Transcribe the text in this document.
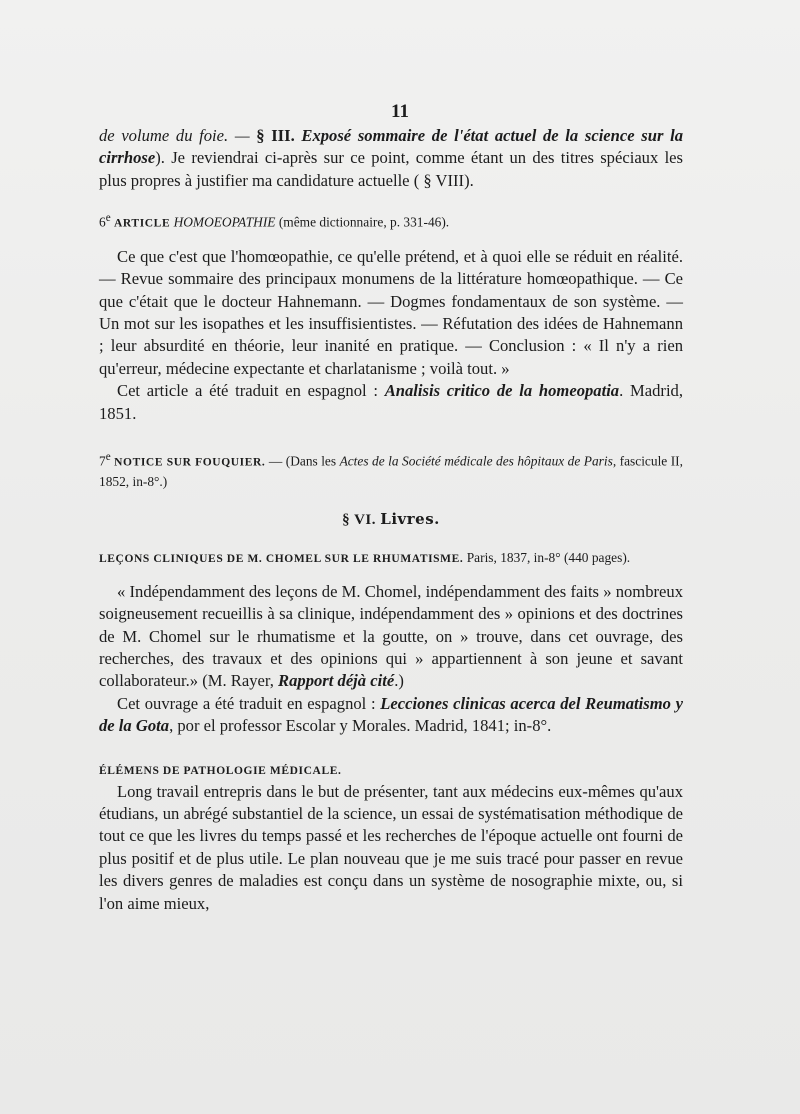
11

de volume du foie. — § III. Exposé sommaire de l'état actuel de la science sur la cirrhose). Je reviendrai ci-après sur ce point, comme étant un des titres spéciaux les plus propres à justifier ma candidature actuelle ( § VIII).

6e ARTICLE HOMOEOPATHIE (même dictionnaire, p. 331-46).

Ce que c'est que l'homœopathie, ce qu'elle prétend, et à quoi elle se réduit en réalité. — Revue sommaire des principaux monumens de la littérature homœopathique. — Ce que c'était que le docteur Hahnemann. — Dogmes fondamentaux de son système. — Un mot sur les isopathes et les insuffisientistes. — Réfutation des idées de Hahnemann ; leur absurdité en théorie, leur inanité en pratique. — Conclusion : « Il n'y a rien qu'erreur, médecine expectante et charlatanisme ; voilà tout. »

Cet article a été traduit en espagnol : Analisis critico de la homeopatia. Madrid, 1851.

7e NOTICE SUR FOUQUIER. — (Dans les Actes de la Société médicale des hôpitaux de Paris, fascicule II, 1852, in-8°.)

§ VI. Livres.

LEÇONS CLINIQUES DE M. CHOMEL SUR LE RHUMATISME. Paris, 1837, in-8° (440 pages).

« Indépendamment des leçons de M. Chomel, indépendamment des faits » nombreux soigneusement recueillis à sa clinique, indépendamment des » opinions et des doctrines de M. Chomel sur le rhumatisme et la goutte, on » trouve, dans cet ouvrage, des recherches, des travaux et des opinions qui » appartiennent à son jeune et savant collaborateur.» (M. Rayer, Rapport déjà cité.)

Cet ouvrage a été traduit en espagnol : Lecciones clinicas acerca del Reumatismo y de la Gota, por el professor Escolar y Morales. Madrid, 1841; in-8°.

ÉLÉMENS DE PATHOLOGIE MÉDICALE.

Long travail entrepris dans le but de présenter, tant aux médecins eux-mêmes qu'aux étudians, un abrégé substantiel de la science, un essai de systématisation méthodique de tout ce que les livres du temps passé et les recherches de l'époque actuelle ont fourni de plus positif et de plus utile. Le plan nouveau que je me suis tracé pour passer en revue les divers genres de maladies est conçu dans un système de nosographie mixte, ou, si l'on aime mieux,
